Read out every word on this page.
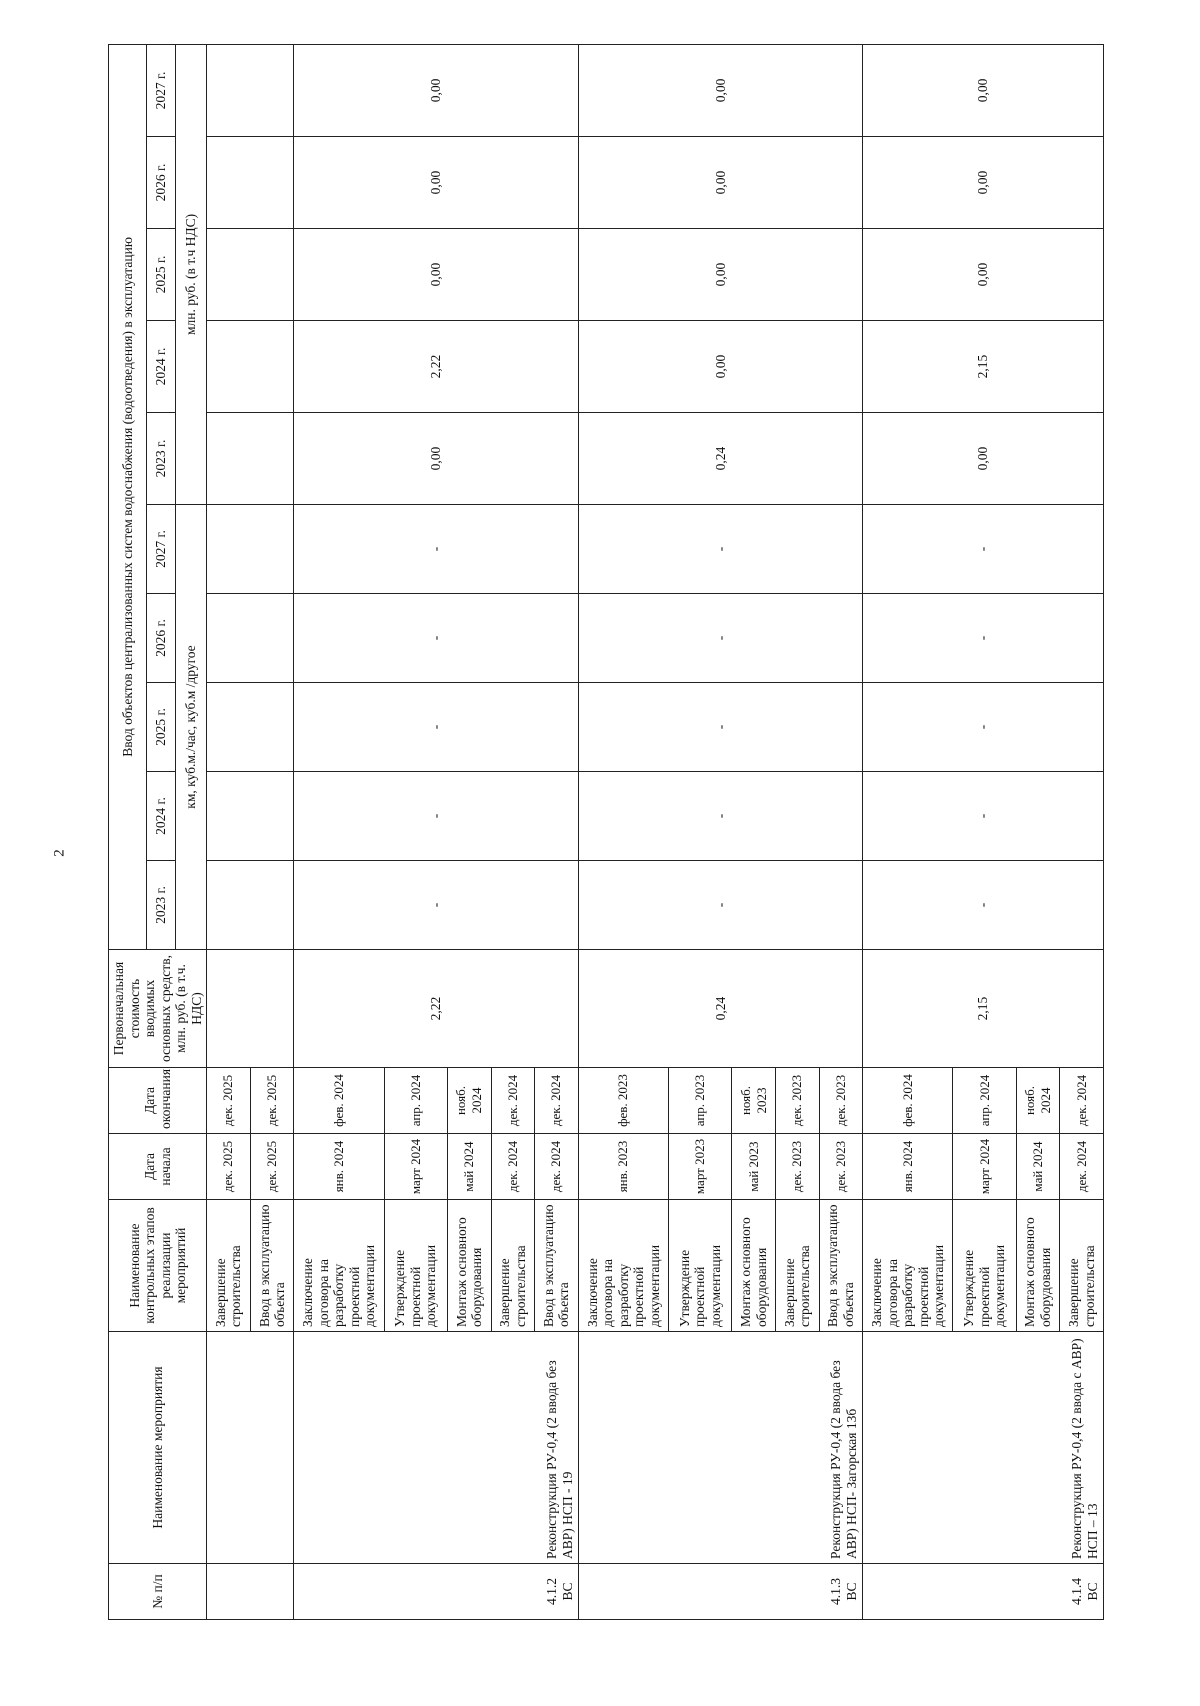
2
№ п/п	Наименование мероприятия	Наименование контрольных этапов реализации мероприятий	Дата начала	Дата окончания	Первоначальная стоимость вводимых основных средств, млн. руб. (в т.ч. НДС)	Ввод объектов централизованных систем водоснабжения (водоотведения) в эксплуатацию									
						2023 г.	2024 г.	2025 г.	2026 г.	2027 г.	2023 г.	2024 г.	2025 г.	2026 г.	2027 г.
						км, куб.м./час, куб.м /другое					млн. руб. (в т.ч НДС)				
		Завершение строительства	дек. 2025	дек. 2025											
		Ввод в эксплуатацию объекта	дек. 2025	дек. 2025											
4.1.2 ВС	Реконструкция РУ-0,4 (2 ввода без АВР) НСП - 19	Заключение договора на разработку проектной документации	янв. 2024	фев. 2024	2,22	-	-	-	-	-	0,00	2,22	0,00	0,00	0,00
		Утверждение проектной документации	март 2024	апр. 2024											
		Монтаж основного оборудования	май 2024	нояб. 2024											
		Завершение строительства	дек. 2024	дек. 2024											
		Ввод в эксплуатацию объекта	дек. 2024	дек. 2024											
4.1.3 ВС	Реконструкция РУ-0,4 (2 ввода без АВР) НСП- Загорская 13б	Заключение договора на разработку проектной документации	янв. 2023	фев. 2023	0,24	-	-	-	-	-	0,24	0,00	0,00	0,00	0,00
		Утверждение проектной документации	март 2023	апр. 2023											
		Монтаж основного оборудования	май 2023	нояб. 2023											
		Завершение строительства	дек. 2023	дек. 2023											
		Ввод в эксплуатацию объекта	дек. 2023	дек. 2023											
4.1.4 ВС	Реконструкция РУ-0,4 (2 ввода с АВР) НСП – 13	Заключение договора на разработку проектной документации	янв. 2024	фев. 2024	2,15	-	-	-	-	-	0,00	2,15	0,00	0,00	0,00
		Утверждение проектной документации	март 2024	апр. 2024											
		Монтаж основного оборудования	май 2024	нояб. 2024											
		Завершение строительства	дек. 2024	дек. 2024											
